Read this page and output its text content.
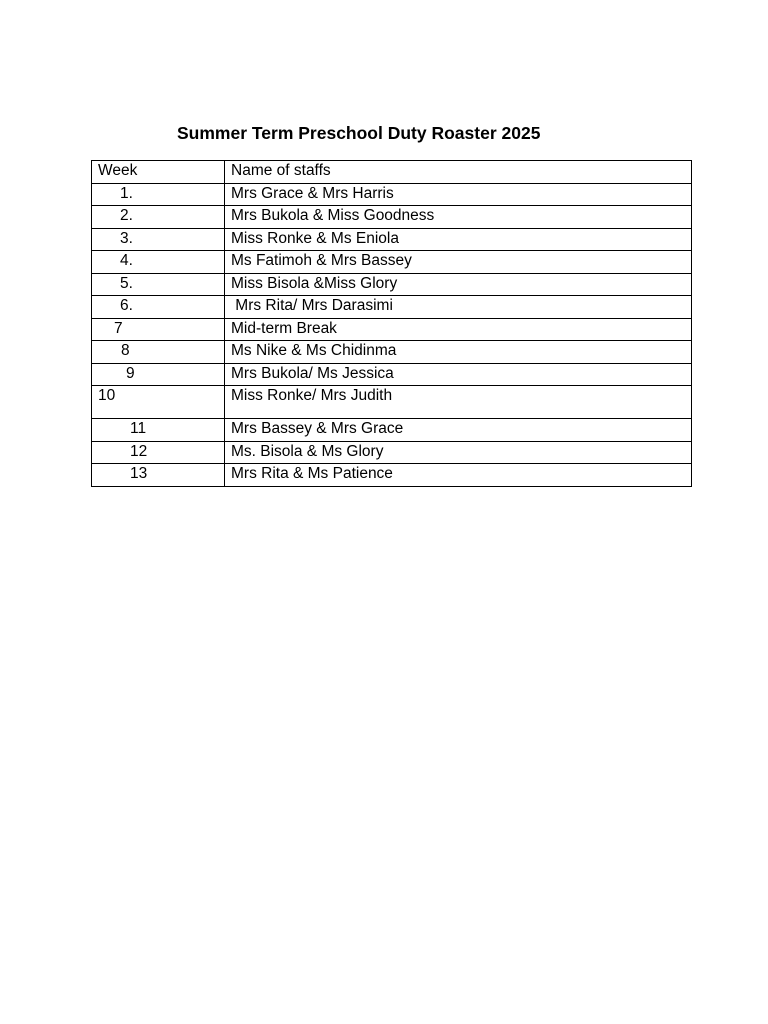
Summer Term Preschool Duty Roaster 2025
Week	Name of staffs
1.	Mrs Grace & Mrs Harris
2.	Mrs Bukola & Miss Goodness
3.	Miss Ronke & Ms Eniola
4.	Ms Fatimoh & Mrs Bassey
5.	Miss Bisola &Miss Glory
6.	Mrs Rita/ Mrs Darasimi
7	Mid-term Break
8	Ms Nike & Ms Chidinma
9	Mrs Bukola/ Ms Jessica
10	Miss Ronke/ Mrs Judith
11	Mrs Bassey & Mrs Grace
12	Ms. Bisola & Ms Glory
13	Mrs Rita & Ms Patience
